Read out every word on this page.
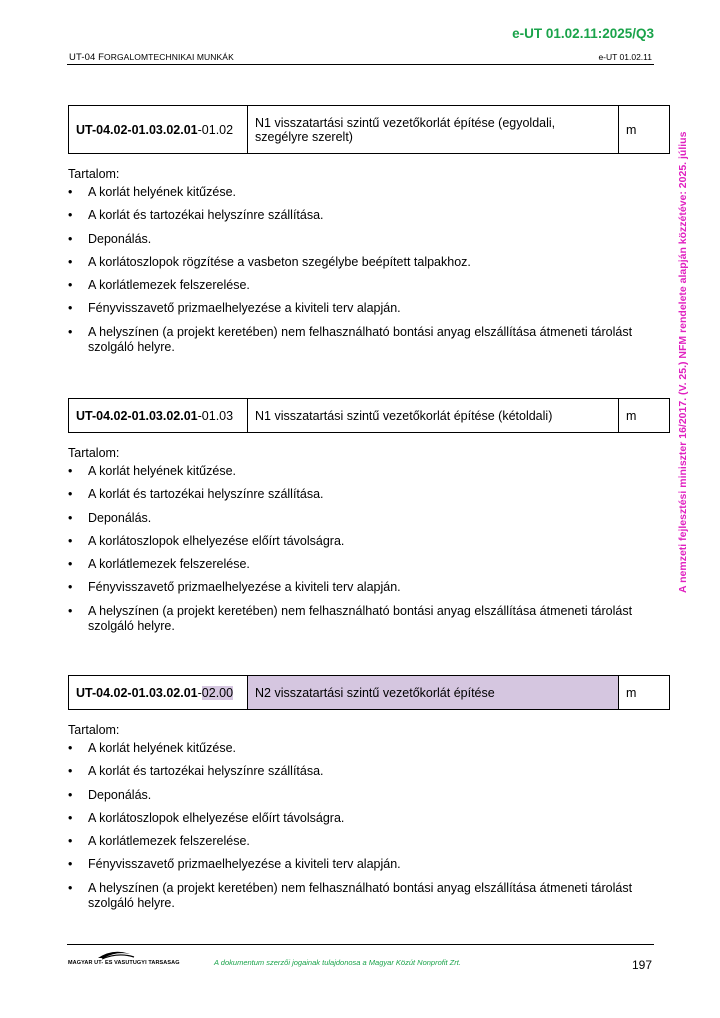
e-UT 01.02.11:2025/Q3
UT-04 FORGALOMTECHNIKAI MUNKÁK	e-UT 01.02.11
A nemzeti fejlesztési miniszter 16/2017. (V. 25.) NFM rendelete alapján közzétéve: 2025. július
UT-04.02-01.03.02.01-01.02	N1 visszatartási szintű vezetőkorlát építése (egyoldali, szegélyre szerelt)	m
Tartalom:
• A korlát helyének kitűzése.
• A korlát és tartozékai helyszínre szállítása.
• Deponálás.
• A korlátoszlopok rögzítése a vasbeton szegélybe beépített talpakhoz.
• A korlátlemezek felszerelése.
• Fényvisszavető prizmaelhelyezése a kiviteli terv alapján.
• A helyszínen (a projekt keretében) nem felhasználható bontási anyag elszállítása átmeneti tárolást szolgáló helyre.
UT-04.02-01.03.02.01-01.03	N1 visszatartási szintű vezetőkorlát építése (kétoldali)	m
Tartalom:
• A korlát helyének kitűzése.
• A korlát és tartozékai helyszínre szállítása.
• Deponálás.
• A korlátoszlopok elhelyezése előírt távolságra.
• A korlátlemezek felszerelése.
• Fényvisszavető prizmaelhelyezése a kiviteli terv alapján.
• A helyszínen (a projekt keretében) nem felhasználható bontási anyag elszállítása átmeneti tárolást szolgáló helyre.
UT-04.02-01.03.02.01-02.00	N2 visszatartási szintű vezetőkorlát építése	m
Tartalom:
• A korlát helyének kitűzése.
• A korlát és tartozékai helyszínre szállítása.
• Deponálás.
• A korlátoszlopok elhelyezése előírt távolságra.
• A korlátlemezek felszerelése.
• Fényvisszavető prizmaelhelyezése a kiviteli terv alapján.
• A helyszínen (a projekt keretében) nem felhasználható bontási anyag elszállítása átmeneti tárolást szolgáló helyre.
MAGYAR UT- ES VASUTUGYI TARSASAG	A dokumentum szerzői jogainak tulajdonosa a Magyar Közút Nonprofit Zrt.	197
